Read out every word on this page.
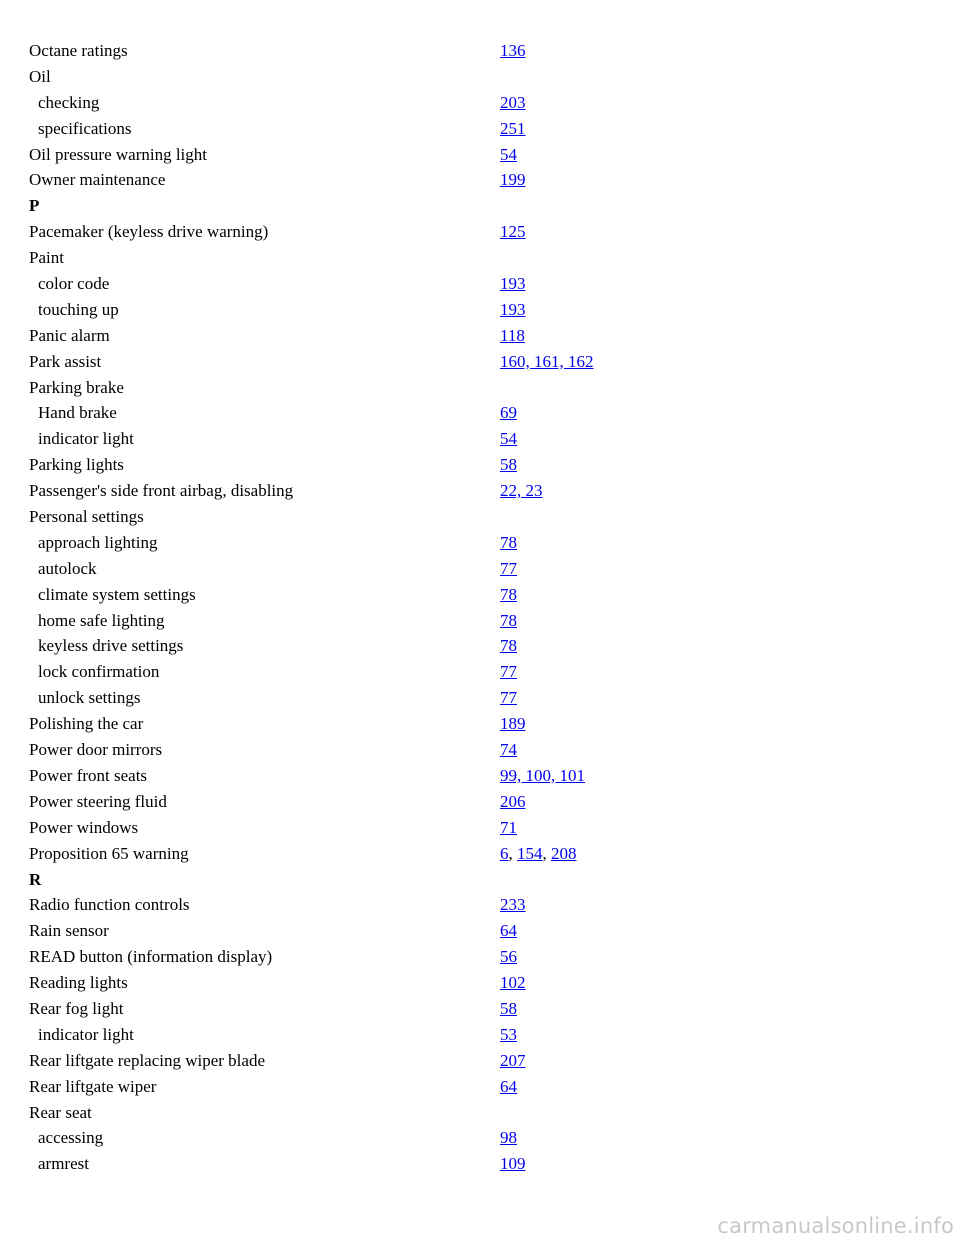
Octane ratings	136
Oil
checking	203
specifications	251
Oil pressure warning light	54
Owner maintenance	199
P
Pacemaker (keyless drive warning)	125
Paint
color code	193
touching up	193
Panic alarm	118
Park assist	160, 161, 162
Parking brake
Hand brake	69
indicator light	54
Parking lights	58
Passenger's side front airbag, disabling	22, 23
Personal settings
approach lighting	78
autolock	77
climate system settings	78
home safe lighting	78
keyless drive settings	78
lock confirmation	77
unlock settings	77
Polishing the car	189
Power door mirrors	74
Power front seats	99, 100, 101
Power steering fluid	206
Power windows	71
Proposition 65 warning	6, 154, 208
R
Radio function controls	233
Rain sensor	64
READ button (information display)	56
Reading lights	102
Rear fog light	58
indicator light	53
Rear liftgate replacing wiper blade	207
Rear liftgate wiper	64
Rear seat
accessing	98
armrest	109
carmanualsonline.info
